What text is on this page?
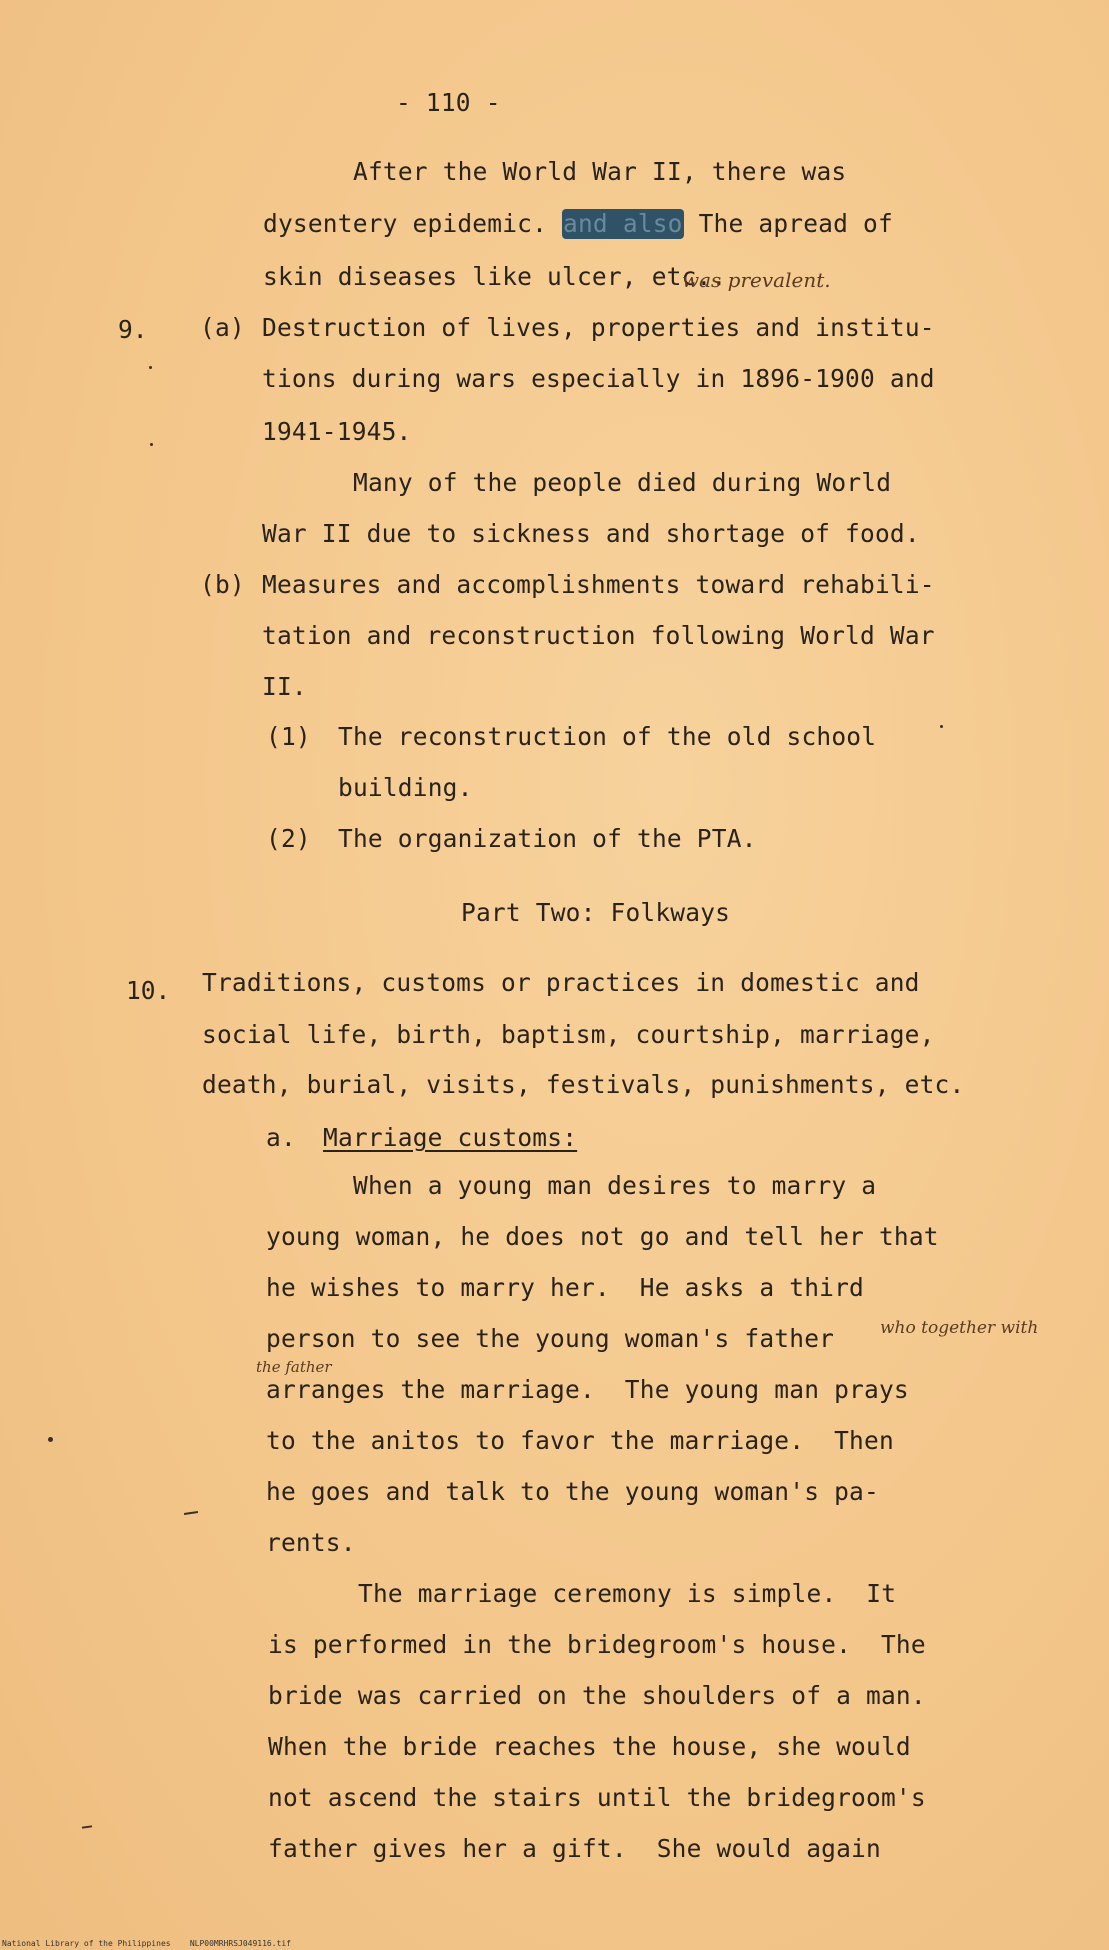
- 110 -
After the World War II, there was
dysentery epidemic. and also The apread of
skin diseases like ulcer, etc..
was prevalent.
9. (a) Destruction of lives, properties and institu-
tions during wars especially in 1896-1900 and
1941-1945.
Many of the people died during World
War II due to sickness and shortage of food.
(b) Measures and accomplishments toward rehabili-
tation and reconstruction following World War
II.
(1) The reconstruction of the old school
building.
(2) The organization of the PTA.
Part Two: Folkways
10. Traditions, customs or practices in domestic and
social life, birth, baptism, courtship, marriage,
death, burial, visits, festivals, punishments, etc.
a. Marriage customs:
When a young man desires to marry a
young woman, he does not go and tell her that
he wishes to marry her.  He asks a third
person to see the young woman's father	who together with
the father
arranges the marriage.  The young man prays
to the anitos to favor the marriage.  Then
he goes and talk to the young woman's pa-
rents.
The marriage ceremony is simple.  It
is performed in the bridegroom's house.  The
bride was carried on the shoulders of a man.
When the bride reaches the house, she would
not ascend the stairs until the bridegroom's
father gives her a gift.  She would again
National Library of the Philippines NLP00MRHRSJ049116.tif
